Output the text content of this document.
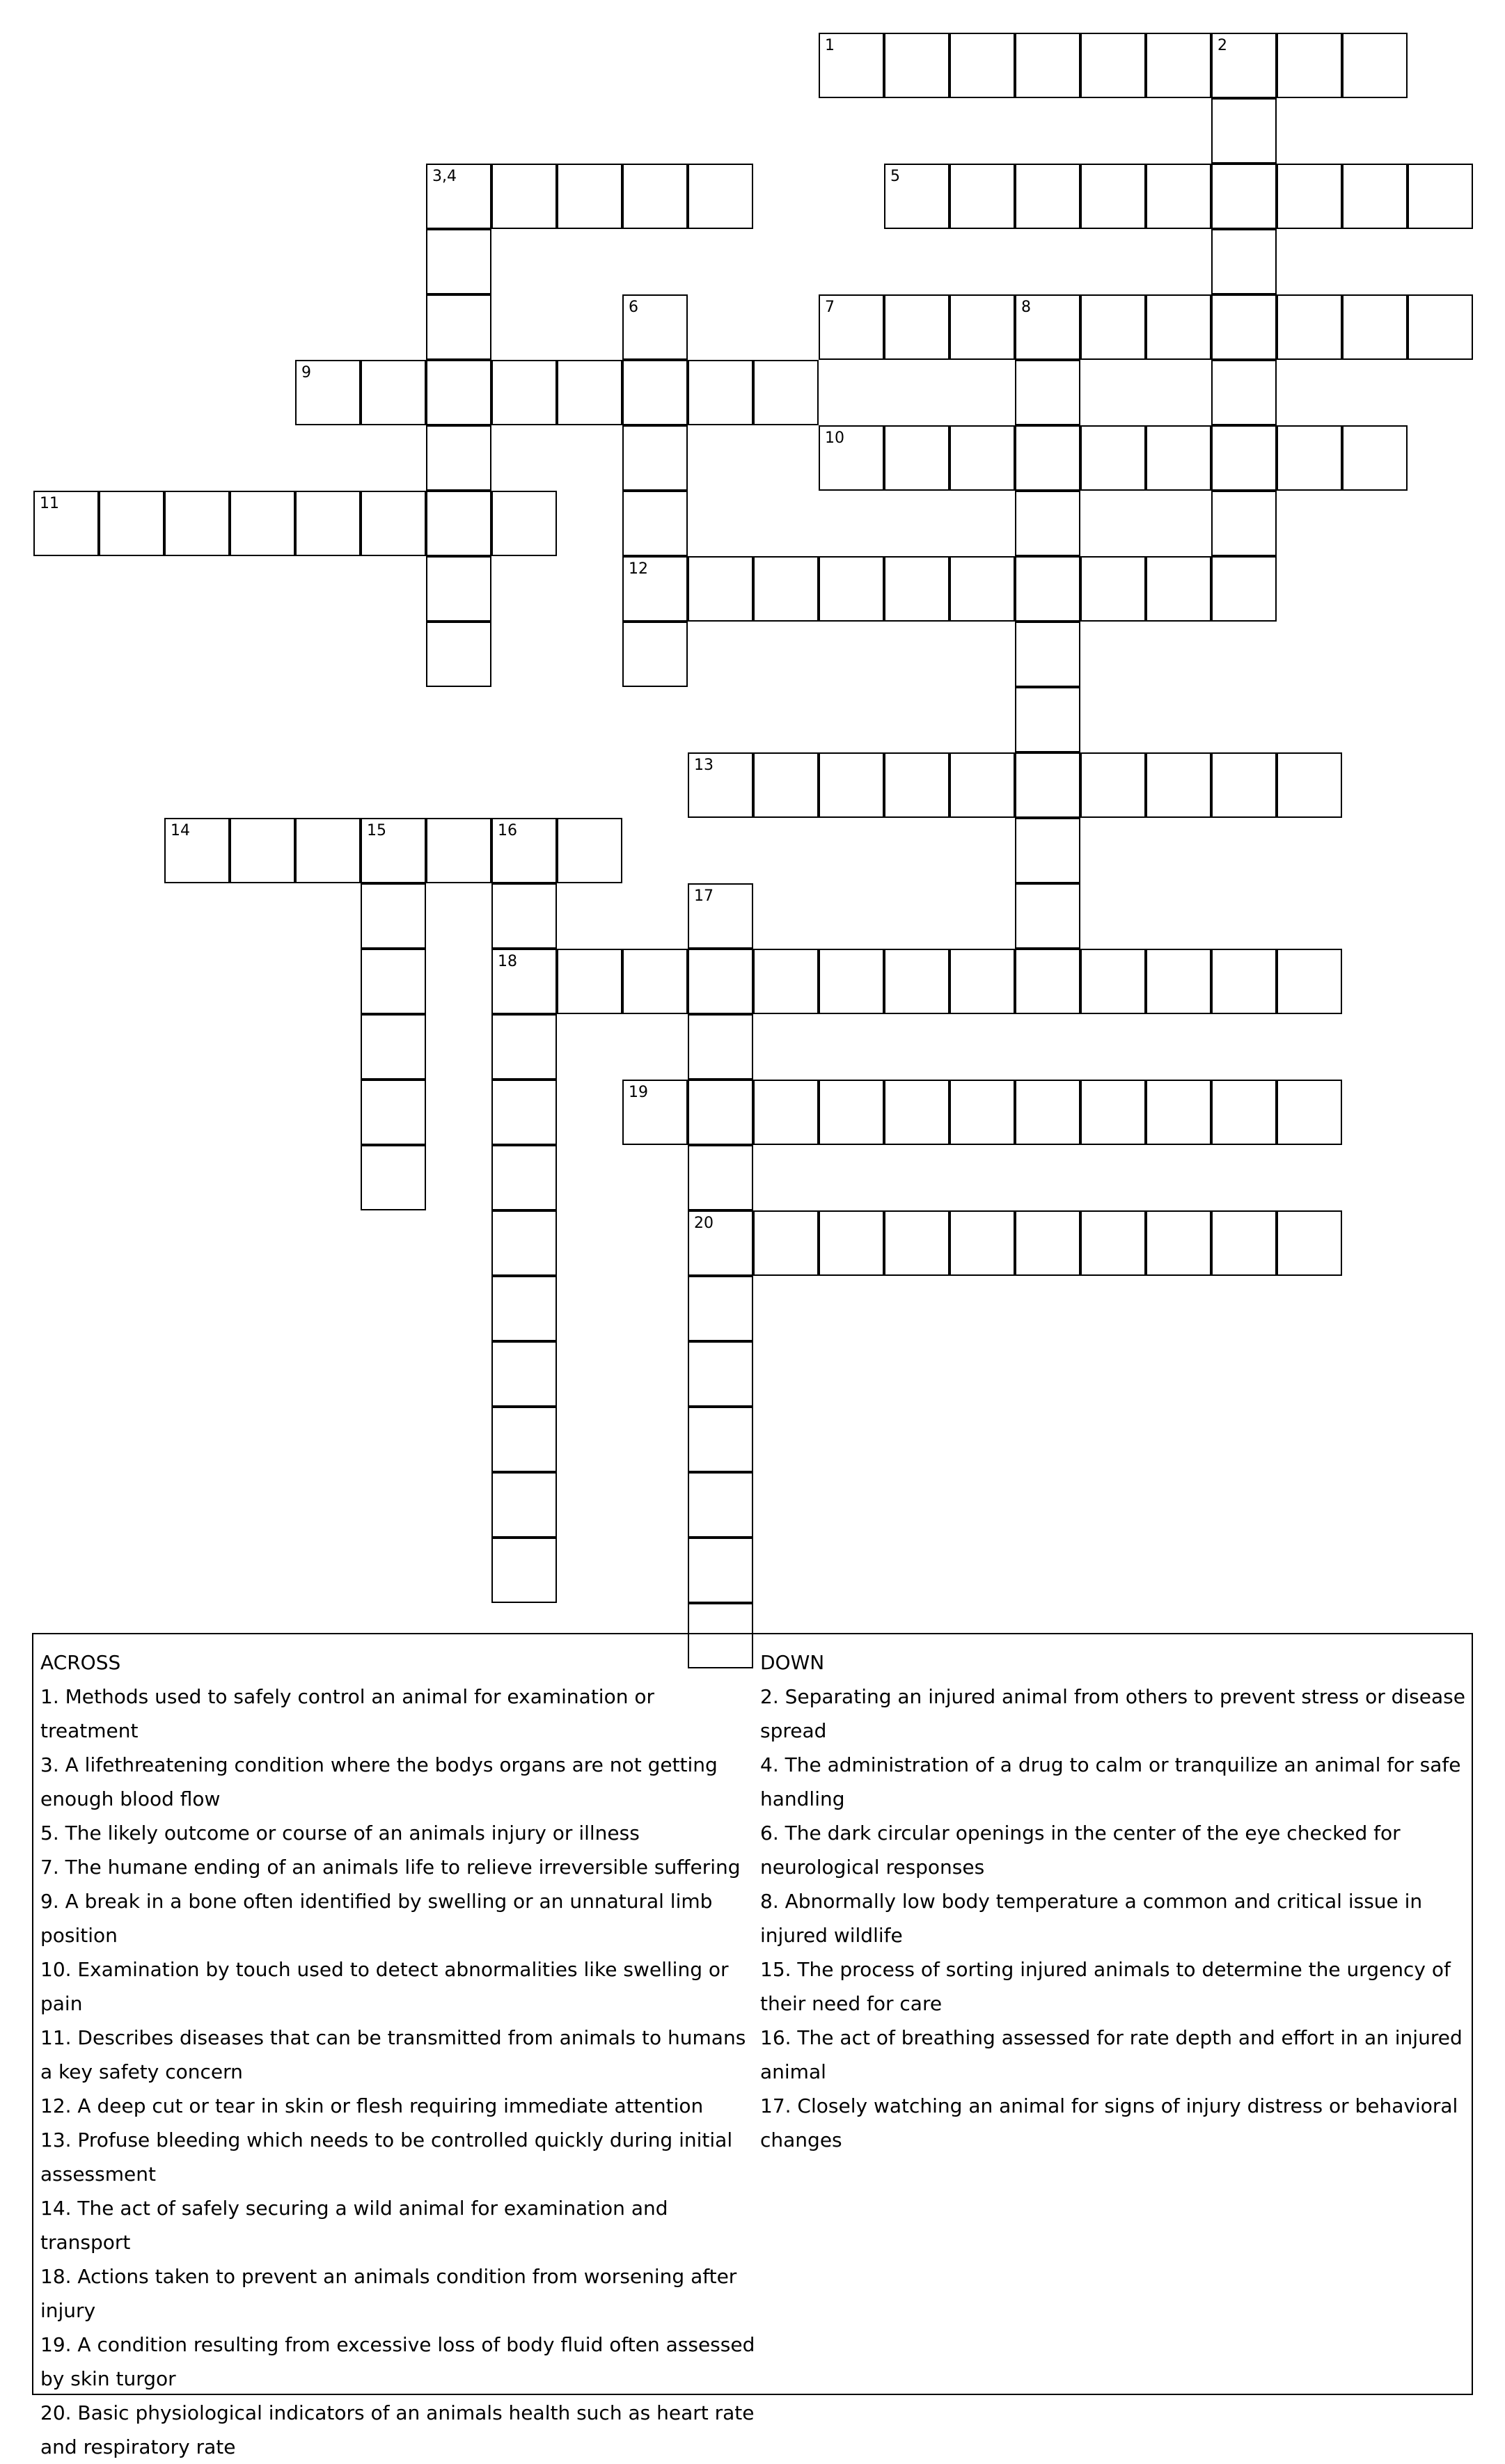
1	2
3,4	5
6
12
7	8
9
10
11
13
14	15	16
18
17
20
19
ACROSS
1. Methods used to safely control an animal for examination or treatment
3. A lifethreatening condition where the bodys organs are not getting enough blood flow
5. The likely outcome or course of an animals injury or illness
7. The humane ending of an animals life to relieve irreversible suffering
9. A break in a bone often identified by swelling or an unnatural limb position
10. Examination by touch used to detect abnormalities like swelling or pain
11. Describes diseases that can be transmitted from animals to humans a key safety concern
12. A deep cut or tear in skin or flesh requiring immediate attention
13. Profuse bleeding which needs to be controlled quickly during initial assessment
14. The act of safely securing a wild animal for examination and transport
18. Actions taken to prevent an animals condition from worsening after injury
19. A condition resulting from excessive loss of body fluid often assessed by skin turgor
20. Basic physiological indicators of an animals health such as heart rate and respiratory rate
DOWN
2. Separating an injured animal from others to prevent stress or disease spread
4. The administration of a drug to calm or tranquilize an animal for safe handling
6. The dark circular openings in the center of the eye checked for neurological responses
8. Abnormally low body temperature a common and critical issue in injured wildlife
15. The process of sorting injured animals to determine the urgency of their need for care
16. The act of breathing assessed for rate depth and effort in an injured animal
17. Closely watching an animal for signs of injury distress or behavioral changes
